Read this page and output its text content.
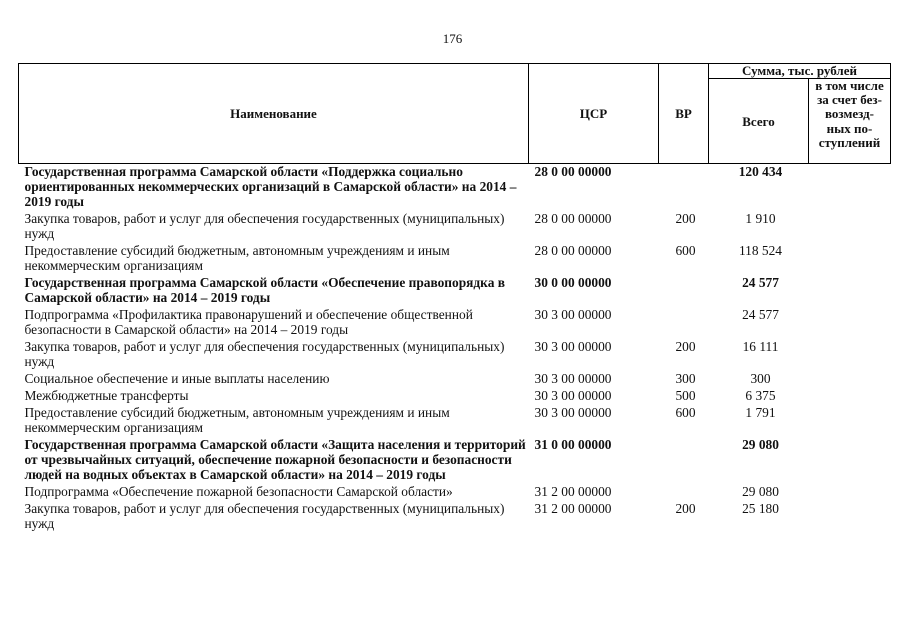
176
Наименование	ЦСР	ВР	Сумма, тыс. рублей	
			Всего	в том числе
за счет без-
возмезд-
ных по-
ступлений

Государственная программа Самарской области «Поддержка социально ориентированных некоммерческих организаций в Самарской области» на 2014 – 2019 годы	28 0 00 00000		120 434	
Закупка товаров, работ и услуг для обеспечения государственных (муниципальных) нужд	28 0 00 00000	200	1 910	
Предоставление субсидий бюджетным, автономным учреждениям и иным некоммерческим организациям	28 0 00 00000	600	118 524	
Государственная программа Самарской области «Обеспечение правопорядка в Самарской области» на 2014 – 2019 годы	30 0 00 00000		24 577	
Подпрограмма «Профилактика правонарушений и обеспечение общественной безопасности в Самарской области» на 2014 – 2019 годы	30 3 00 00000		24 577	
Закупка товаров, работ и услуг для обеспечения государственных (муниципальных) нужд	30 3 00 00000	200	16 111	
Социальное обеспечение и иные выплаты населению	30 3 00 00000	300	300	
Межбюджетные трансферты	30 3 00 00000	500	6 375	
Предоставление субсидий бюджетным, автономным учреждениям и иным некоммерческим организациям	30 3 00 00000	600	1 791	
Государственная программа Самарской области «Защита населения и территорий от чрезвычайных ситуаций, обеспечение пожарной безопасности и безопасности людей на водных объектах в Самарской области» на 2014 – 2019 годы	31 0 00 00000		29 080	
Подпрограмма «Обеспечение пожарной безопасности Самарской области»	31 2 00 00000		29 080	
Закупка товаров, работ и услуг для обеспечения государственных (муниципальных) нужд	31 2 00 00000	200	25 180	
